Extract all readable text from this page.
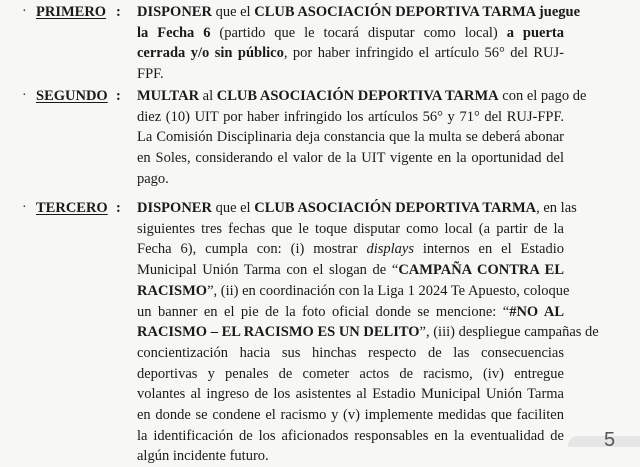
· PRIMERO : DISPONER que el CLUB ASOCIACIÓN DEPORTIVA TARMA juegue
la Fecha 6 (partido que le tocará disputar como local) a puerta
cerrada y/o sin público, por haber infringido el artículo 56° del RUJ-
FPF.
· SEGUNDO : MULTAR al CLUB ASOCIACIÓN DEPORTIVA TARMA con el pago de
diez (10) UIT por haber infringido los artículos 56° y 71° del RUJ-FPF.
La Comisión Disciplinaria deja constancia que la multa se deberá abonar
en Soles, considerando el valor de la UIT vigente en la oportunidad del
pago.
· TERCERO : DISPONER que el CLUB ASOCIACIÓN DEPORTIVA TARMA, en las
siguientes tres fechas que le toque disputar como local (a partir de la
Fecha 6), cumpla con: (i) mostrar displays internos en el Estadio
Municipal Unión Tarma con el slogan de “CAMPAÑA CONTRA EL
RACISMO”, (ii) en coordinación con la Liga 1 2024 Te Apuesto, coloque
un banner en el pie de la foto oficial donde se mencione: “#NO AL
RACISMO – EL RACISMO ES UN DELITO”, (iii) despliegue campañas de
concientización hacia sus hinchas respecto de las consecuencias
deportivas y penales de cometer actos de racismo, (iv) entregue
volantes al ingreso de los asistentes al Estadio Municipal Unión Tarma
en donde se condene el racismo y (v) implemente medidas que faciliten
la identificación de los aficionados responsables en la eventualidad de
algún incidente futuro.
5
